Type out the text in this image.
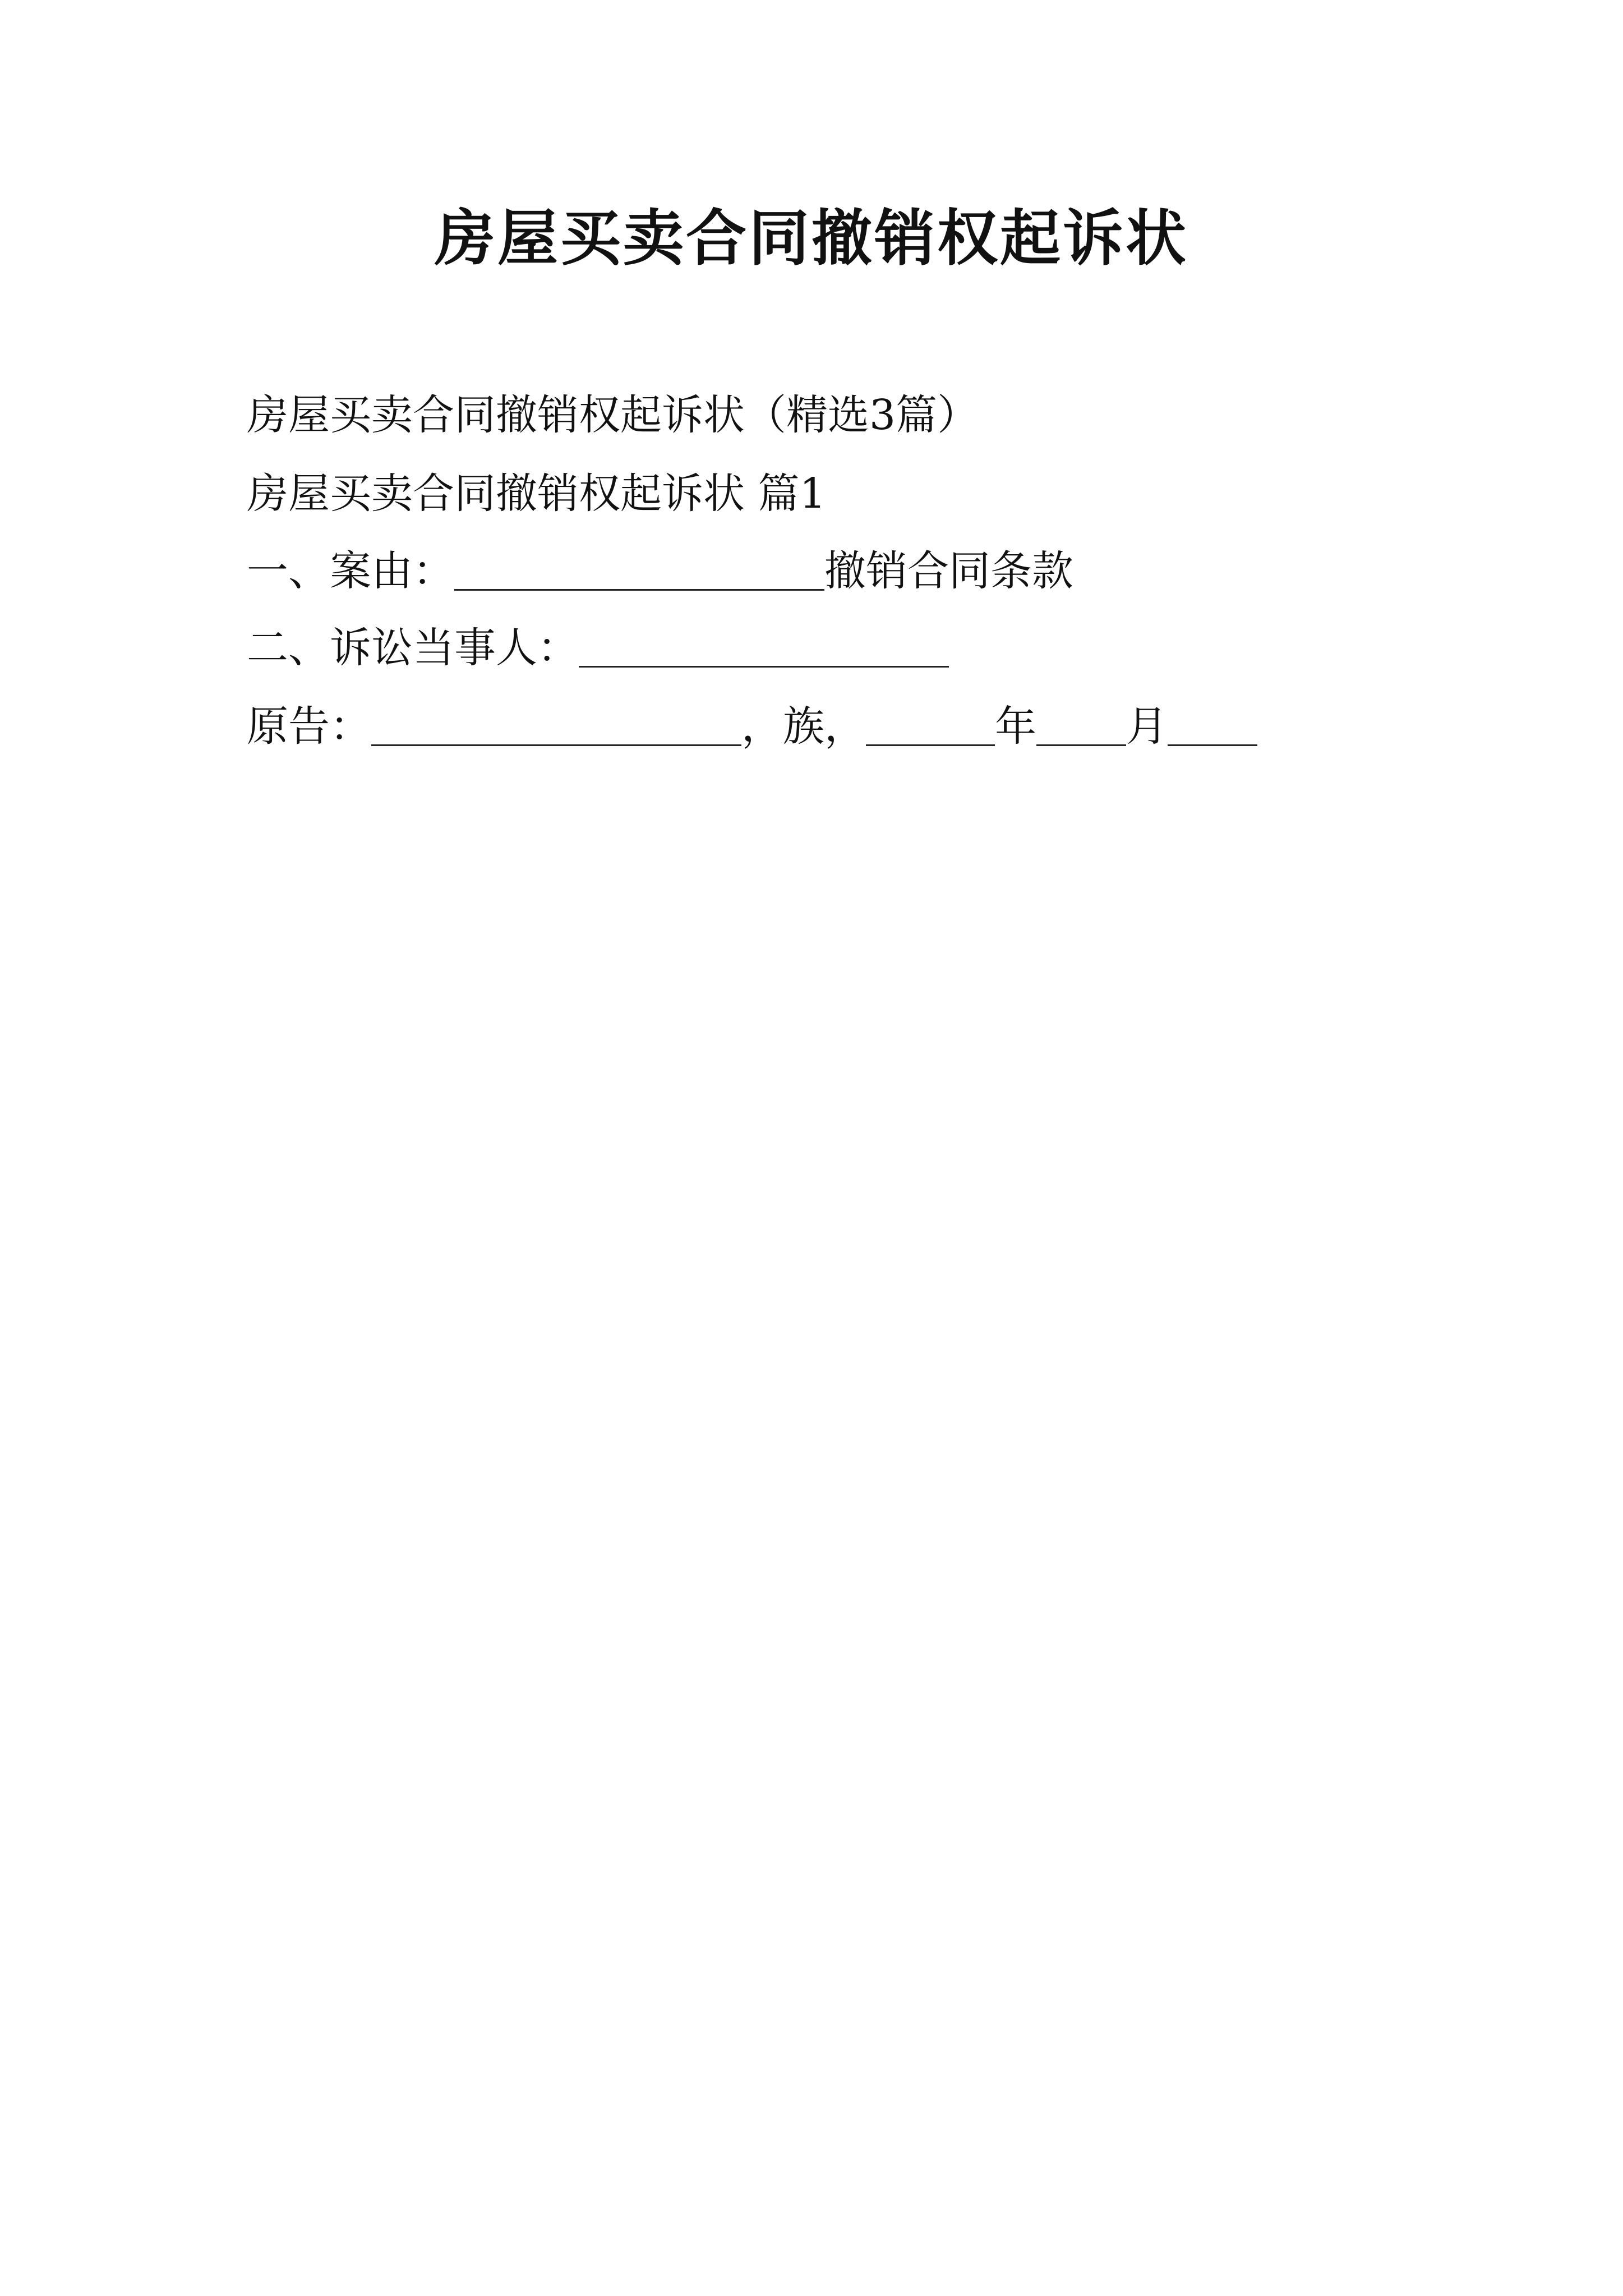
房屋买卖合同撤销权起诉状
房屋买卖合同撤销权起诉状（精选3篇）
房屋买卖合同撤销权起诉状 篇1
一、案由：	撤销合同条款
二、诉讼当事人：
原告：	，族，	年 月
